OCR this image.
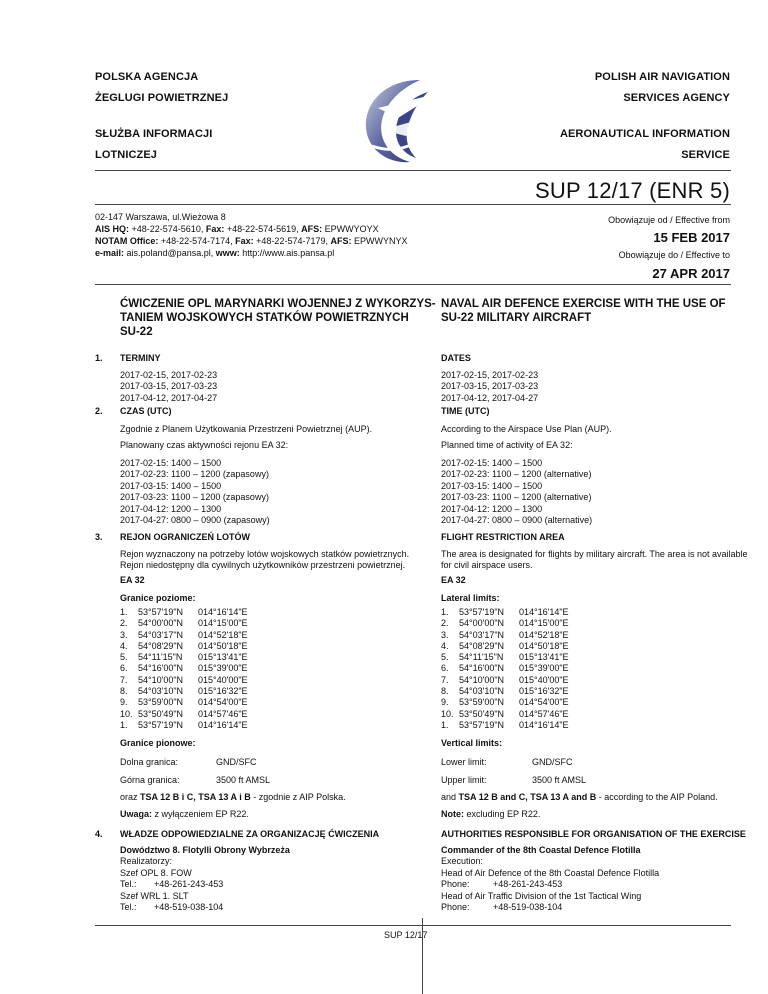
POLSKA AGENCJA
ŻEGLUGI POWIETRZNEJ
SŁUŻBA INFORMACJI
LOTNICZEJ
POLISH AIR NAVIGATION
SERVICES AGENCY
AERONAUTICAL INFORMATION
SERVICE
SUP 12/17 (ENR 5)
02-147 Warszawa, ul.Wieżowa 8
AIS HQ: +48-22-574-5610, Fax: +48-22-574-5619, AFS: EPWWYOYX
NOTAM Office: +48-22-574-7174, Fax: +48-22-574-7179, AFS: EPWWYNYX
e-mail: ais.poland@pansa.pl, www: http://www.ais.pansa.pl
Obowiązuje od / Effective from
15 FEB 2017
Obowiązuje do / Effective to
27 APR 2017
ĆWICZENIE OPL MARYNARKI WOJENNEJ Z WYKORZYS-
TANIEM WOJSKOWYCH STATKÓW POWIETRZNYCH
SU-22
NAVAL AIR DEFENCE EXERCISE WITH THE USE OF
SU-22 MILITARY AIRCRAFT
1. TERMINY	DATES
2017-02-15, 2017-02-23
2017-03-15, 2017-03-23
2017-04-12, 2017-04-27
2017-02-15, 2017-02-23
2017-03-15, 2017-03-23
2017-04-12, 2017-04-27
2. CZAS (UTC)	TIME (UTC)
Zgodnie z Planem Użytkowania Przestrzeni Powietrznej (AUP).	According to the Airspace Use Plan (AUP).
Planowany czas aktywności rejonu EA 32:	Planned time of activity of EA 32:
2017-02-15: 1400 – 1500
2017-02-23: 1100 – 1200 (zapasowy)
2017-03-15: 1400 – 1500
2017-03-23: 1100 – 1200 (zapasowy)
2017-04-12: 1200 – 1300
2017-04-27: 0800 – 0900 (zapasowy)
2017-02-15: 1400 – 1500
2017-02-23: 1100 – 1200 (alternative)
2017-03-15: 1400 – 1500
2017-03-23: 1100 – 1200 (alternative)
2017-04-12: 1200 – 1300
2017-04-27: 0800 – 0900 (alternative)
3. REJON OGRANICZEŃ LOTÓW	FLIGHT RESTRICTION AREA
Rejon wyznaczony na potrzeby lotów wojskowych statków powietrznych.
Rejon niedostępny dla cywilnych użytkowników przestrzeni powietrznej.
The area is designated for flights by military aircraft. The area is not available
for civil airspace users.
EA 32	EA 32
Granice poziome:	Lateral limits:
1. 53°57'19"N 014°16'14"E
2. 54°00'00"N 014°15'00"E
3. 54°03'17"N 014°52'18"E
4. 54°08'29"N 014°50'18"E
5. 54°11'15"N 015°13'41"E
6. 54°16'00"N 015°39'00"E
7. 54°10'00"N 015°40'00"E
8. 54°03'10"N 015°16'32"E
9. 53°59'00"N 014°54'00"E
10. 53°50'49"N 014°57'46"E
1. 53°57'19"N 014°16'14"E
1. 53°57'19"N 014°16'14"E
2. 54°00'00"N 014°15'00"E
3. 54°03'17"N 014°52'18"E
4. 54°08'29"N 014°50'18"E
5. 54°11'15"N 015°13'41"E
6. 54°16'00"N 015°39'00"E
7. 54°10'00"N 015°40'00"E
8. 54°03'10"N 015°16'32"E
9. 53°59'00"N 014°54'00"E
10. 53°50'49"N 014°57'46"E
1. 53°57'19"N 014°16'14"E
Granice pionowe:	Vertical limits:
Dolna granica:	GND/SFC	Lower limit:	GND/SFC
Górna granica:	3500 ft AMSL	Upper limit:	3500 ft AMSL
oraz TSA 12 B i C, TSA 13 A i B - zgodnie z AIP Polska.	and TSA 12 B and C, TSA 13 A and B - according to the AIP Poland.
Uwaga: z wyłączeniem EP R22.	Note: excluding EP R22.
4. WŁADZE ODPOWIEDZIALNE ZA ORGANIZACJĘ ĆWICZENIA	AUTHORITIES RESPONSIBLE FOR ORGANISATION OF THE EXERCISE
Dowództwo 8. Flotylli Obrony Wybrzeża
Realizatorzy:
Szef OPL 8. FOW
Tel.: +48-261-243-453
Szef WRL 1. SLT
Tel.: +48-519-038-104
Commander of the 8th Coastal Defence Flotilla
Execution:
Head of Air Defence of the 8th Coastal Defence Flotilla
Phone:	+48-261-243-453
Head of Air Traffic Division of the 1st Tactical Wing
Phone:	+48-519-038-104
SUP 12/17
